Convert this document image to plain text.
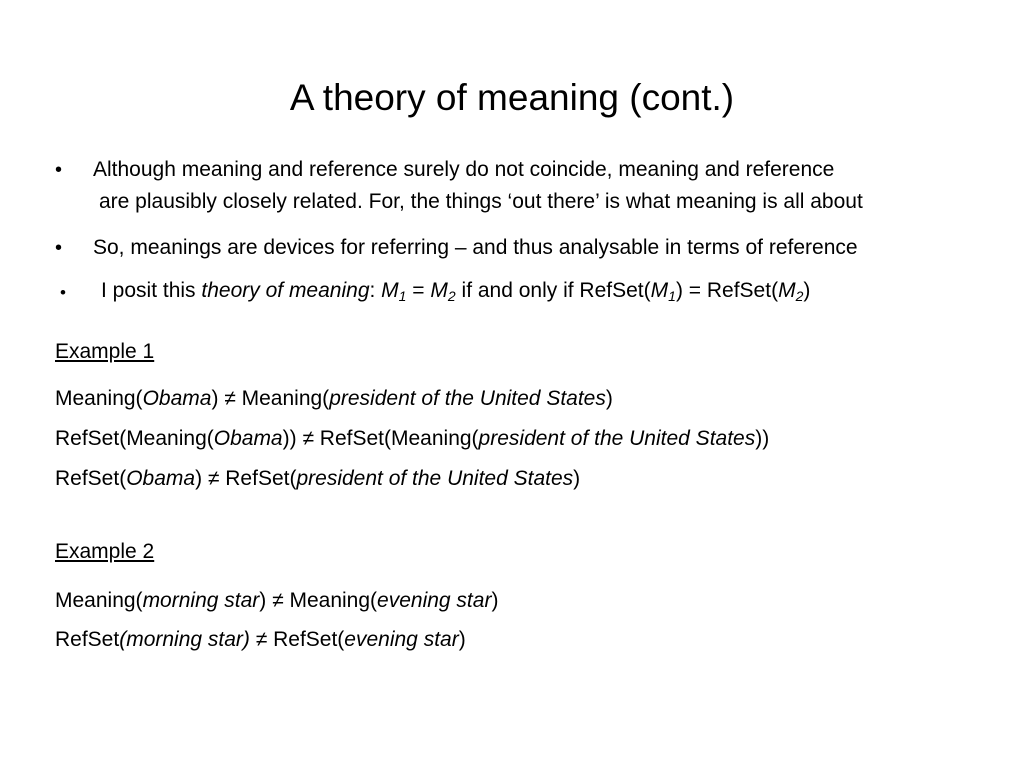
A theory of meaning (cont.)
• Although meaning and reference surely do not coincide, meaning and reference
are plausibly closely related. For, the things ‘out there’ is what meaning is all about
• So, meanings are devices for referring – and thus analysable in terms of reference
• I posit this theory of meaning: $M_1 = M_2$ if and only if $RefSet(M_1)$ = $RefSet(M_2)$
Example 1
Meaning(Obama) ≠ Meaning(president of the United States)
RefSet(Meaning(Obama)) ≠ RefSet(Meaning(president of the United States))
RefSet(Obama) ≠ RefSet(president of the United States)
Example 2
Meaning(morning star) ≠ Meaning(evening star)
RefSet(morning star) ≠ RefSet(evening star)
